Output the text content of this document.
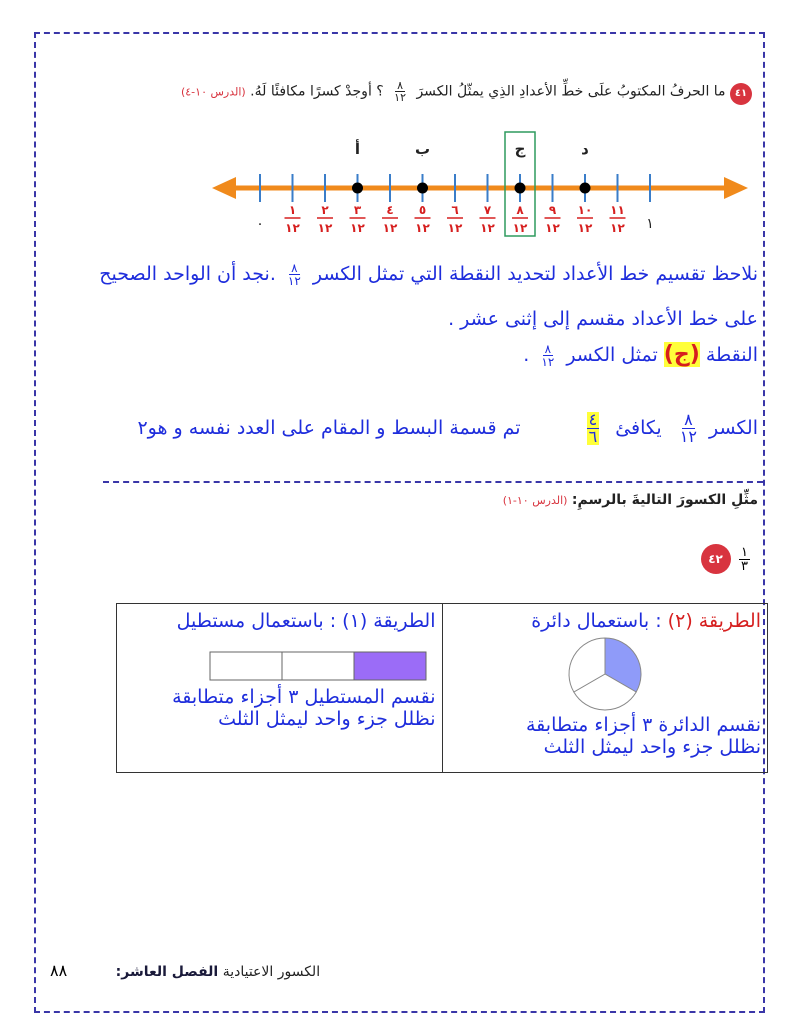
٤١ ما الحرفُ المكتوبُ علَى خطِّ الأعدادِ الذِي يمثّلُ الكسرَ
$\frac{٨}{١٢}$
؟ أوجدْ كسرًا مكافئًا لَهُ. (الدرس ١٠-٤)
أ	ب	ج	د
٠	١
١
١٢
٢
١٢
٣
١٢
٤
١٢
٥
١٢
٦
١٢
٧
١٢
٨
١٢
٩
١٢
١٠
١٢
١١
١٢
نلاحظ تقسيم خط الأعداد لتحديد النقطة التي تمثل الكسر
$\frac{٨}{١٢}$
.نجد أن الواحد الصحيح
على خط الأعداد مقسم إلى إثنى عشر .
النقطة (ج) تمثل الكسر
$\frac{٨}{١٢}$
.
الكسر
$\frac{٨}{١٢}$
يكافئ
$\frac{٤}{٦}$
تم قسمة البسط و المقام على العدد نفسه و هو٢
مثِّلِ الكسورَ التاليةَ بالرسمِ: (الدرس ١٠-١)
٤٢ $\frac{١}{٣}$
الطريقة (١) : باستعمال مستطيل
نقسم المستطيل ٣ أجزاء متطابقة
نظلل جزء واحد ليمثل الثلث

الطريقة (٢) : باستعمال دائرة
نقسم الدائرة ٣ أجزاء متطابقة
نظلل جزء واحد ليمثل الثلث
الكسور الاعتيادية الفصل العاشر: ٨٨
